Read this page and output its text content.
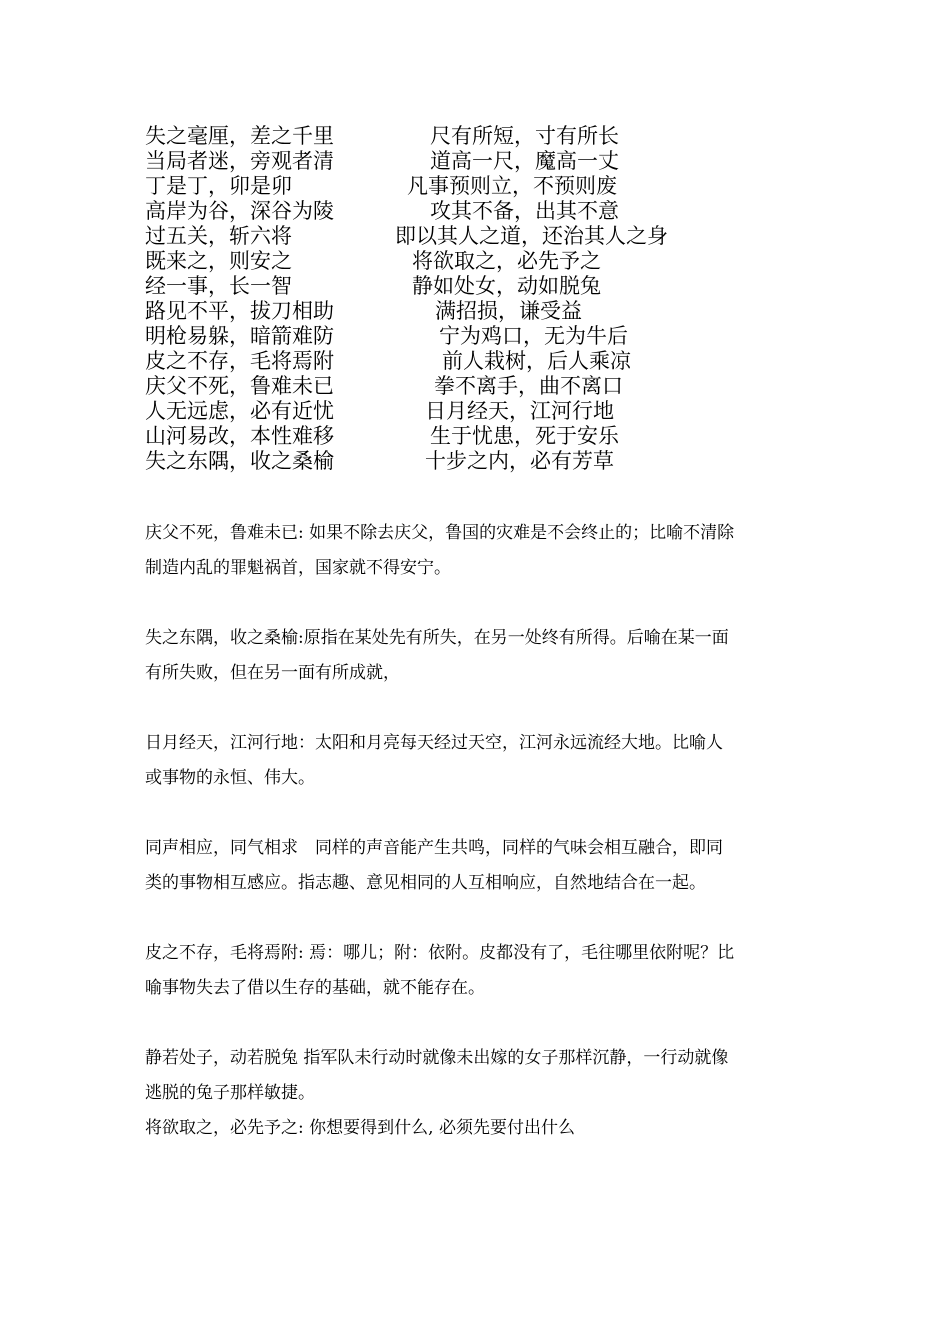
失之毫厘，差之千里	尺有所短，寸有所长
当局者迷，旁观者清	道高一尺，魔高一丈
丁是丁，卯是卯	凡事预则立，不预则废
高岸为谷，深谷为陵	攻其不备，出其不意
过五关，斩六将	即以其人之道，还治其人之身
既来之，则安之	将欲取之，必先予之
经一事，长一智	静如处女，动如脱兔
路见不平，拔刀相助	满招损，谦受益
明枪易躲，暗箭难防	宁为鸡口，无为牛后
皮之不存，毛将焉附	前人栽树，后人乘凉
庆父不死，鲁难未已	拳不离手，曲不离口
人无远虑，必有近忧	日月经天，江河行地
山河易改，本性难移	生于忧患，死于安乐
失之东隅，收之桑榆	十步之内，必有芳草

庆父不死，鲁难未已: 如果不除去庆父，鲁国的灾难是不会终止的；比喻不清除

制造内乱的罪魁祸首，国家就不得安宁。

失之东隅，收之桑榆:原指在某处先有所失，在另一处终有所得。后喻在某一面

有所失败，但在另一面有所成就，

日月经天，江河行地：太阳和月亮每天经过天空，江河永远流经大地。比喻人

或事物的永恒、伟大。

同声相应，同气相求　同样的声音能产生共鸣，同样的气味会相互融合，即同

类的事物相互感应。指志趣、意见相同的人互相响应，自然地结合在一起。

皮之不存，毛将焉附: 焉：哪儿；附：依附。皮都没有了，毛往哪里依附呢？比

喻事物失去了借以生存的基础，就不能存在。

静若处子，动若脱兔 指军队未行动时就像未出嫁的女子那样沉静，一行动就像

逃脱的兔子那样敏捷。

将欲取之，必先予之: 你想要得到什么, 必须先要付出什么
